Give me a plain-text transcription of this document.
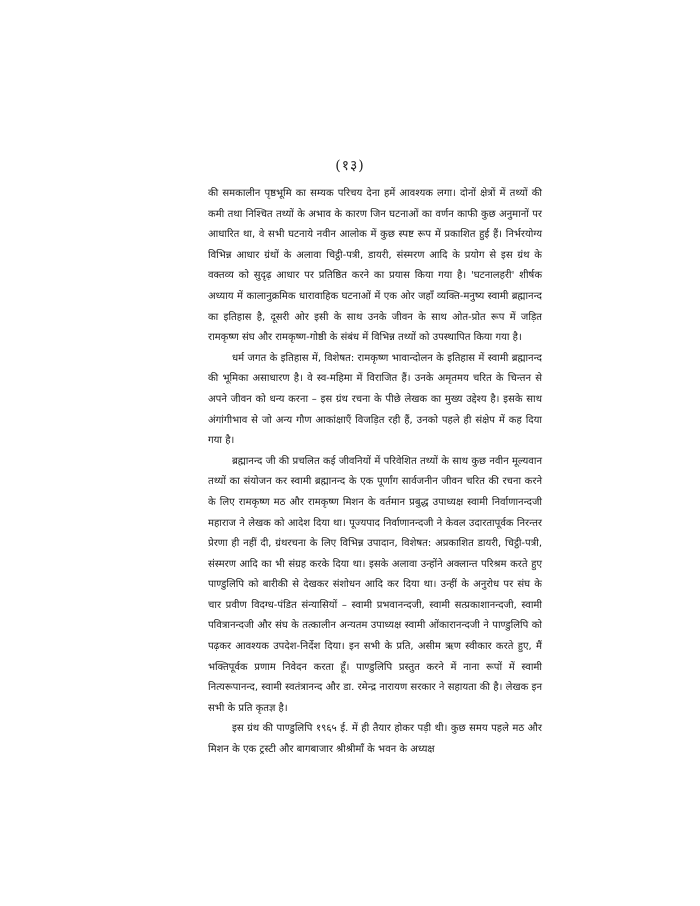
(१३)

की समकालीन पृष्ठभूमि का सम्यक परिचय देना हमें आवश्यक लगा। दोनों क्षेत्रों में तथ्यों की कमी तथा निश्चित तथ्यों के अभाव के कारण जिन घटनाओं का वर्णन काफी कुछ अनुमानों पर आधारित था, वे सभी घटनाये नवीन आलोक में कुछ स्पष्ट रूप में प्रकाशित हुई हैं। निर्भरयोग्य विभिन्न आधार ग्रंथों के अलावा चिट्ठी-पत्री, डायरी, संस्मरण आदि के प्रयोग से इस ग्रंथ के वक्तव्य को सुदृढ़ आधार पर प्रतिष्ठित करने का प्रयास किया गया है। 'घटनालहरी' शीर्षक अध्याय में कालानुक्रमिक धारावाहिक घटनाओं में एक ओर जहाँ व्यक्ति-मनुष्य स्वामी ब्रह्मानन्द का इतिहास है, दूसरी ओर इसी के साथ उनके जीवन के साथ ओत-प्रोत रूप में जड़ित रामकृष्ण संघ और रामकृष्ण-गोष्ठी के संबंध में विभिन्न तथ्यों को उपस्थापित किया गया है।

धर्म जगत के इतिहास में, विशेषत: रामकृष्ण भावान्दोलन के इतिहास में स्वामी ब्रह्मानन्द की भूमिका असाधारण है। वे स्व-महिमा में विराजित हैं। उनके अमृतमय चरित के चिन्तन से अपने जीवन को धन्य करना – इस ग्रंथ रचना के पीछे लेखक का मुख्य उद्देश्य है। इसके साथ अंगांगीभाव से जो अन्य गौण आकांक्षाएँ विजड़ित रही हैं, उनको पहले ही संक्षेप में कह दिया गया है।

ब्रह्मानन्द जी की प्रचलित कई जीवनियों में परिवेशित तथ्यों के साथ कुछ नवीन मूल्यवान तथ्यों का संयोजन कर स्वामी ब्रह्मानन्द के एक पूर्णांग सार्वजनीन जीवन चरित की रचना करने के लिए रामकृष्ण मठ और रामकृष्ण मिशन के वर्तमान प्रबुद्ध उपाध्यक्ष स्वामी निर्वाणानन्दजी महाराज ने लेखक को आदेश दिया था। पूज्यपाद निर्वाणानन्दजी ने केवल उदारतापूर्वक निरन्तर प्रेरणा ही नहीं दी, ग्रंथरचना के लिए विभिन्न उपादान, विशेषत: अप्रकाशित डायरी, चिट्ठी-पत्री, संस्मरण आदि का भी संग्रह करके दिया था। इसके अलावा उन्होंने अक्लान्त परिश्रम करते हुए पाण्डुलिपि को बारीकी से देखकर संशोधन आदि कर दिया था। उन्हीं के अनुरोध पर संघ के चार प्रवीण विदग्ध-पंडित संन्यासियों – स्वामी प्रभवानन्दजी, स्वामी सत्प्रकाशानन्दजी, स्वामी पवित्रानन्दजी और संघ के तत्कालीन अन्यतम उपाध्यक्ष स्वामी ओंकारानन्दजी ने पाण्डुलिपि को पढ़कर आवश्यक उपदेश-निर्देश दिया। इन सभी के प्रति, असीम ऋण स्वीकार करते हुए, मैं भक्तिपूर्वक प्रणाम निवेदन करता हूँ। पाण्डुलिपि प्रस्तुत करने में नाना रूपों में स्वामी नित्यरूपानन्द, स्वामी स्वतंत्रानन्द और डा. रमेन्द्र नारायण सरकार ने सहायता की है। लेखक इन सभी के प्रति कृतज्ञ है।

इस ग्रंथ की पाण्डुलिपि १९६५ ई. में ही तैयार होकर पड़ी थी। कुछ समय पहले मठ और मिशन के एक ट्रस्टी और बागबाजार श्रीश्रीमाँ के भवन के अध्यक्ष
